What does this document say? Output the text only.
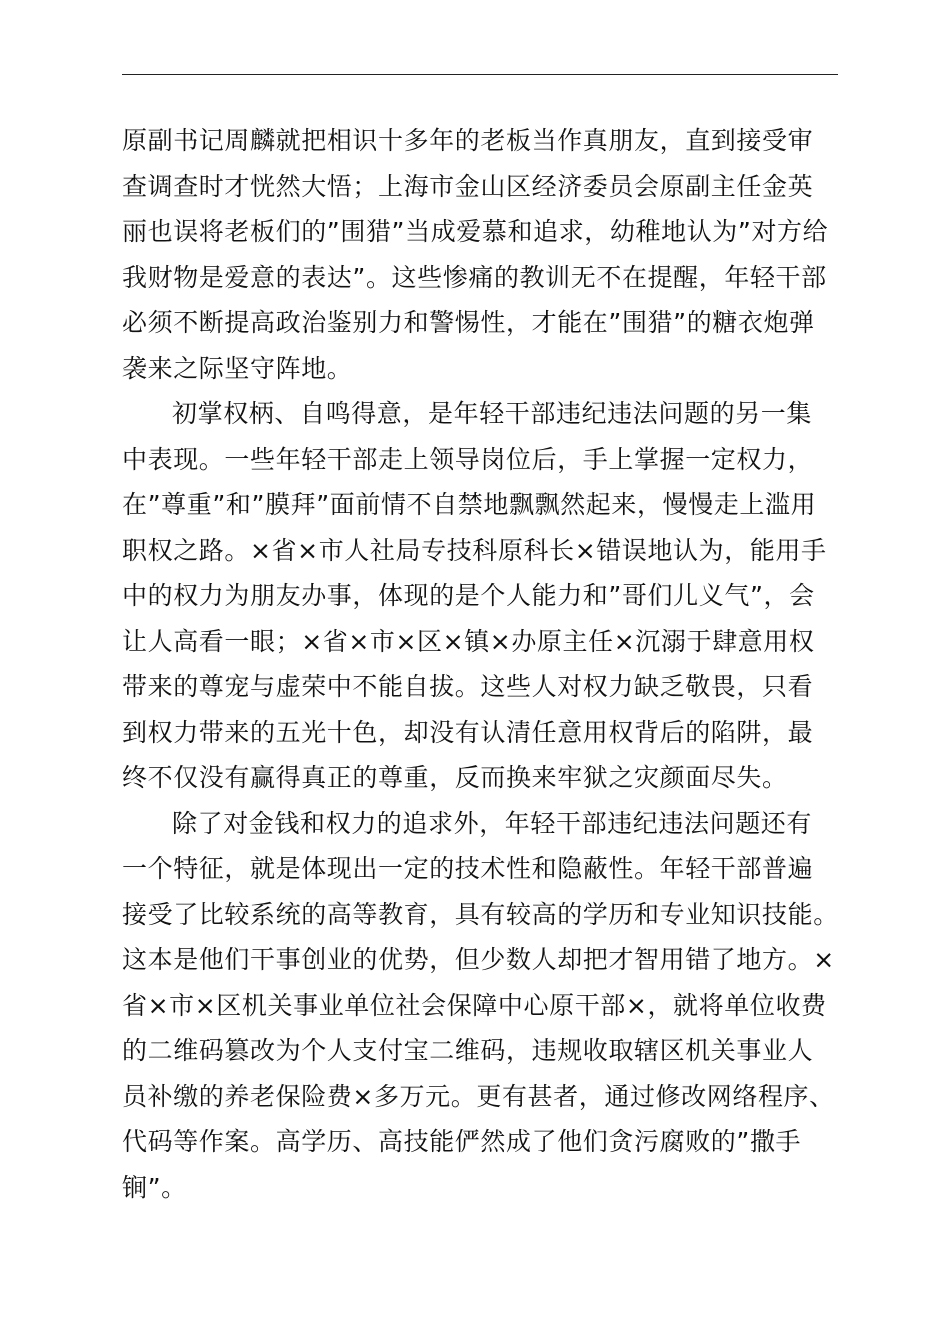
原副书记周麟就把相识十多年的老板当作真朋友，直到接受审
查调查时才恍然大悟；上海市金山区经济委员会原副主任金英
丽也误将老板们的”围猎”当成爱慕和追求，幼稚地认为”对方给
我财物是爱意的表达”。这些惨痛的教训无不在提醒，年轻干部
必须不断提高政治鉴别力和警惕性，才能在”围猎”的糖衣炮弹
袭来之际坚守阵地。

初掌权柄、自鸣得意，是年轻干部违纪违法问题的另一集
中表现。一些年轻干部走上领导岗位后，手上掌握一定权力，
在”尊重”和”膜拜”面前情不自禁地飘飘然起来，慢慢走上滥用
职权之路。×省×市人社局专技科原科长×错误地认为，能用手
中的权力为朋友办事，体现的是个人能力和”哥们儿义气”，会
让人高看一眼；×省×市×区×镇×办原主任×沉溺于肆意用权
带来的尊宠与虚荣中不能自拔。这些人对权力缺乏敬畏，只看
到权力带来的五光十色，却没有认清任意用权背后的陷阱，最
终不仅没有赢得真正的尊重，反而换来牢狱之灾颜面尽失。

除了对金钱和权力的追求外，年轻干部违纪违法问题还有
一个特征，就是体现出一定的技术性和隐蔽性。年轻干部普遍
接受了比较系统的高等教育，具有较高的学历和专业知识技能。
这本是他们干事创业的优势，但少数人却把才智用错了地方。×
省×市×区机关事业单位社会保障中心原干部×，就将单位收费
的二维码篡改为个人支付宝二维码，违规收取辖区机关事业人
员补缴的养老保险费×多万元。更有甚者，通过修改网络程序、
代码等作案。高学历、高技能俨然成了他们贪污腐败的”撒手
锏”。
